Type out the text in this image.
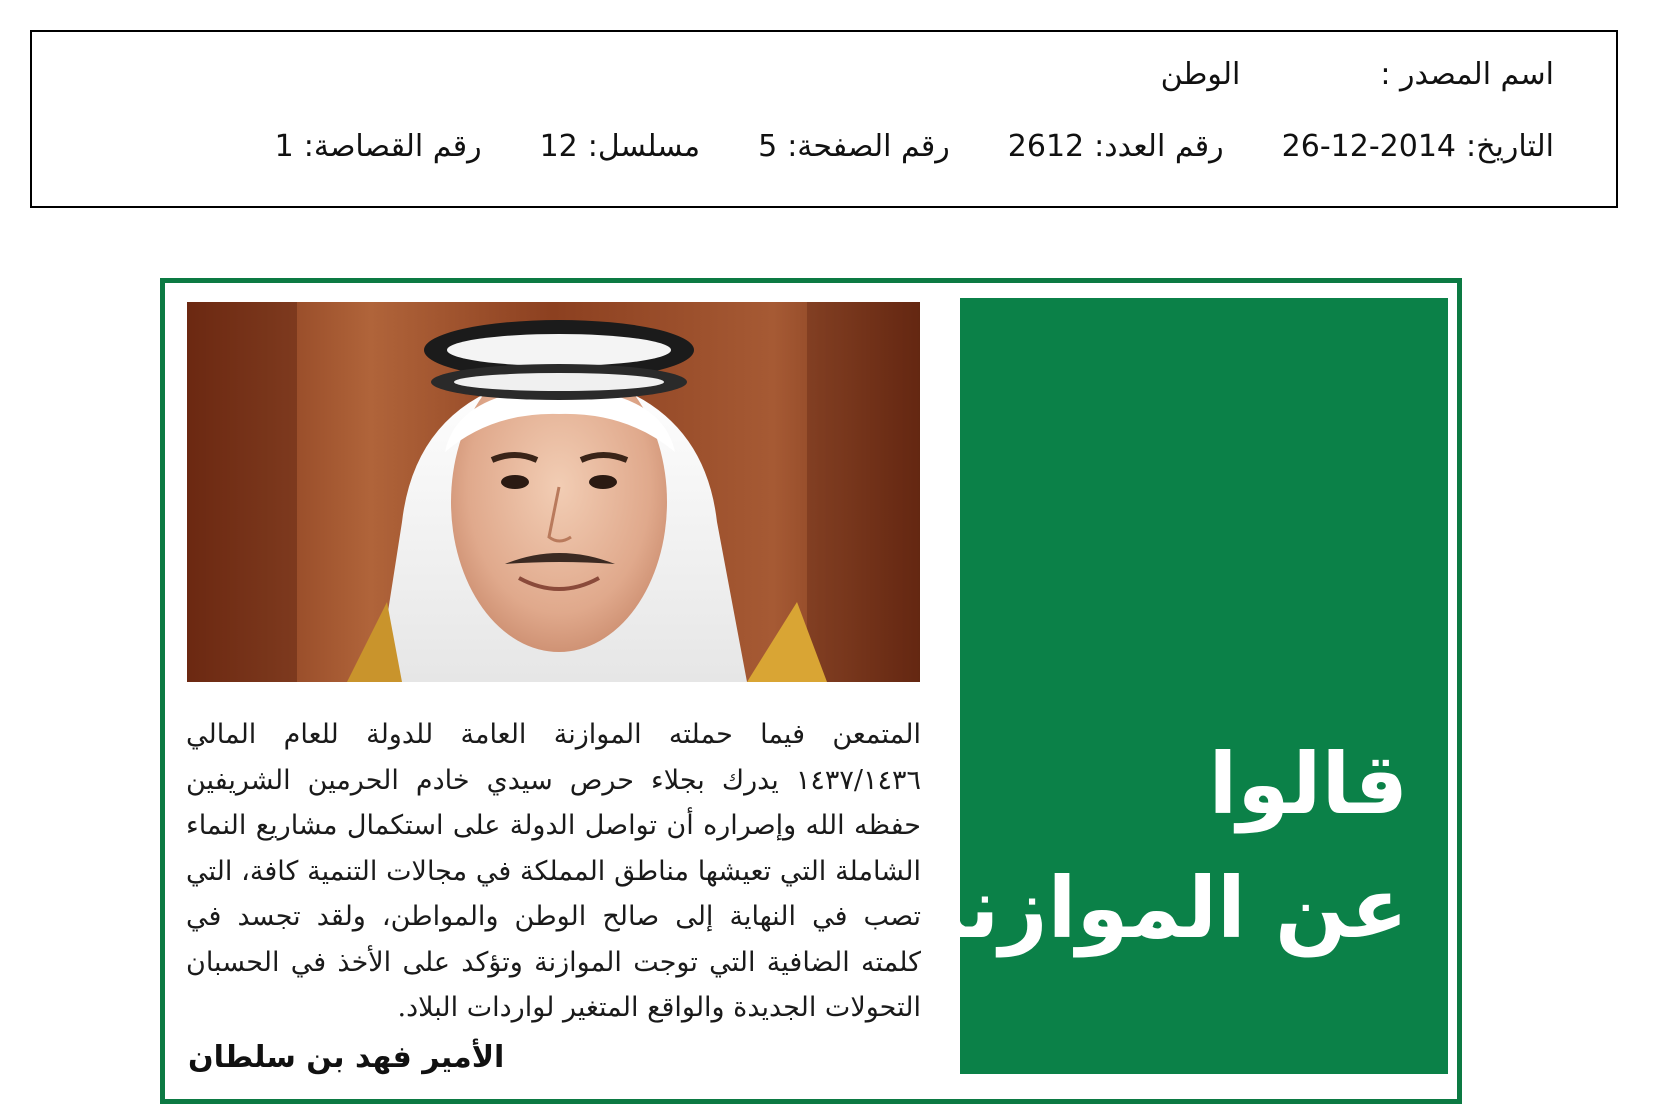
اسم المصدر :
الوطن
التاريخ:2014-12-26
رقم العدد:2612
رقم الصفحة:5
مسلسل:12
رقم القصاصة:1
قالوا
عن الموازنة
المتمعن فيما حملته الموازنة العامة للدولة للعام المالي ١٤٣٧/١٤٣٦ يدرك بجلاء حرص سيدي خادم الحرمين الشريفين حفظه الله وإصراره أن تواصل الدولة على استكمال مشاريع النماء الشاملة التي تعيشها مناطق المملكة في مجالات التنمية كافة، التي تصب في النهاية إلى صالح الوطن والمواطن، ولقد تجسد في كلمته الضافية التي توجت الموازنة وتؤكد على الأخذ في الحسبان التحولات الجديدة والواقع المتغير لواردات البلاد.
الأمير فهد بن سلطان
